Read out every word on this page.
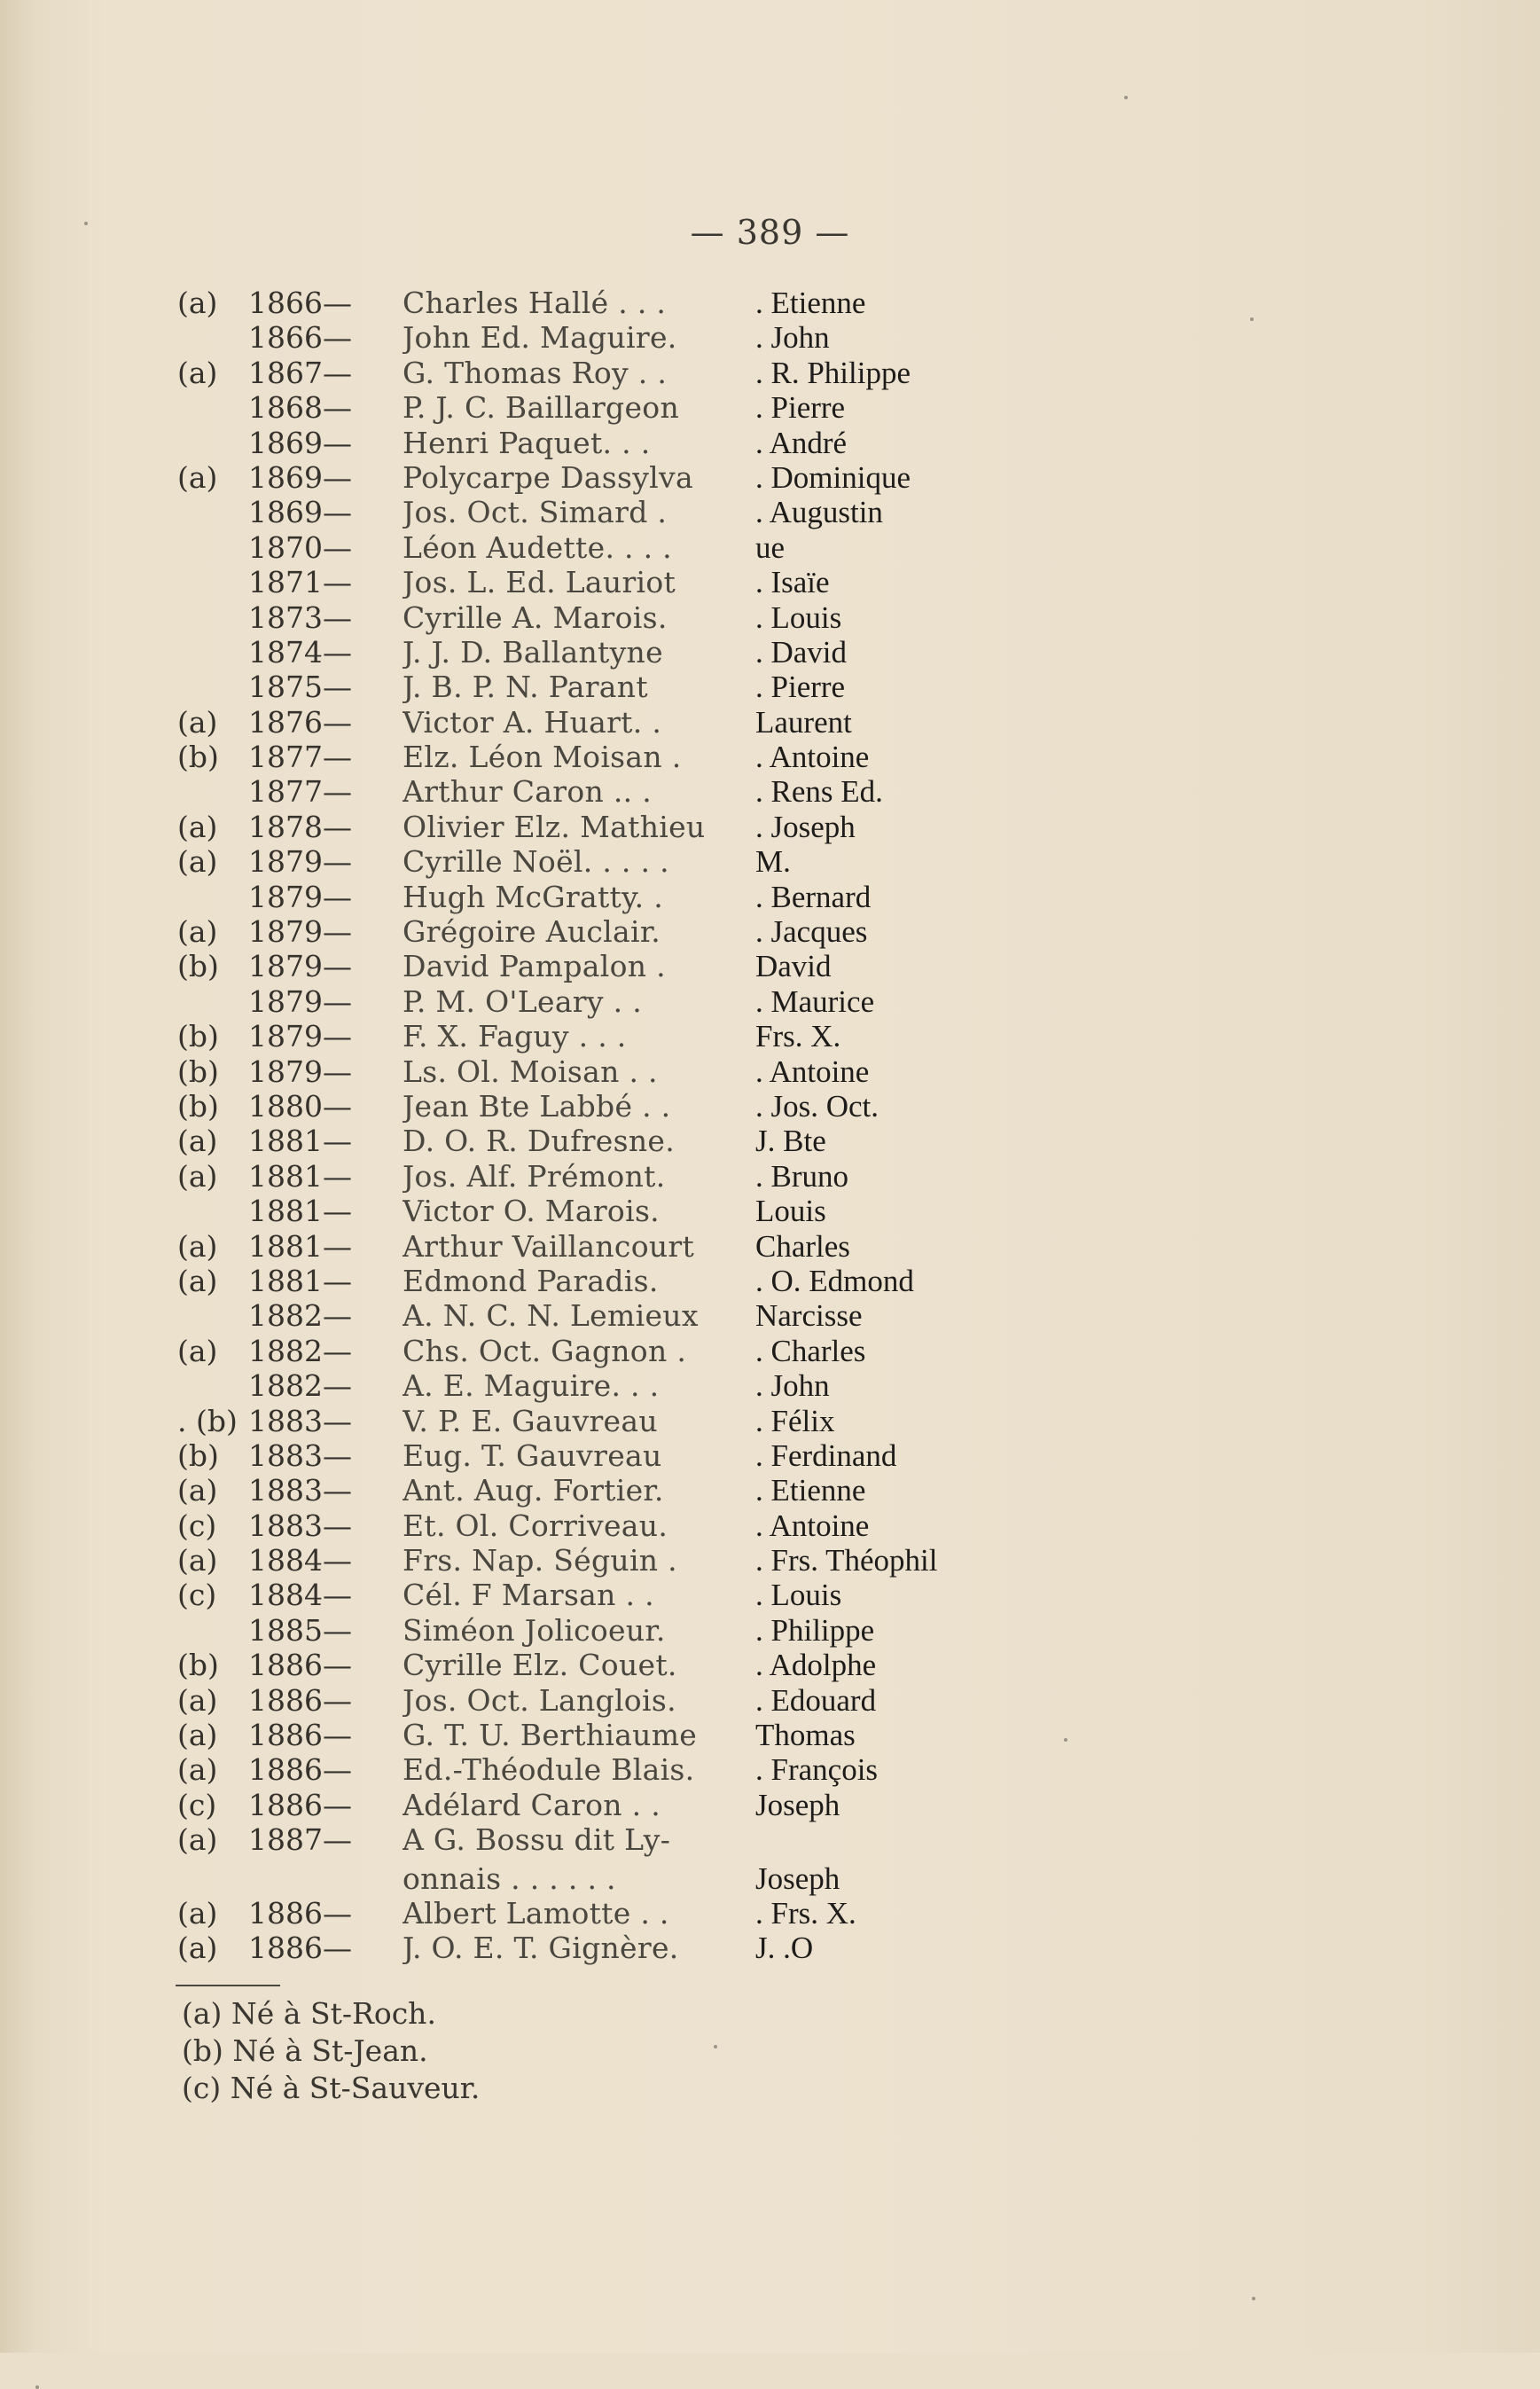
— 389 —
(a)	1866—	Charles Hallé . . .	. Etienne
1866—	John Ed. Maguire.	. John
(a)	1867—	G. Thomas Roy . .	. R. Philippe
1868—	P. J. C. Baillargeon	. Pierre
1869—	Henri Paquet. . .	. André
(a)	1869—	Polycarpe Dassylva	. Dominique
1869—	Jos. Oct. Simard .	. Augustin
1870—	Léon Audette. . . .	ue
1871—	Jos. L. Ed. Lauriot	. Isaïe
1873—	Cyrille A. Marois.	. Louis
1874—	J. J. D. Ballantyne	. David
1875—	J. B. P. N. Parant	. Pierre
(a)	1876—	Victor A. Huart. .	Laurent
(b)	1877—	Elz. Léon Moisan .	. Antoine
1877—	Arthur Caron .. .	. Rens Ed.
(a)	1878—	Olivier Elz. Mathieu	. Joseph
(a)	1879—	Cyrille Noël. . . . .	M.
1879—	Hugh McGratty. .	. Bernard
(a)	1879—	Grégoire Auclair.	. Jacques
(b)	1879—	David Pampalon .	David
1879—	P. M. O'Leary . .	. Maurice
(b)	1879—	F. X. Faguy . . .	Frs. X.
(b)	1879—	Ls. Ol. Moisan . .	. Antoine
(b)	1880—	Jean Bte Labbé . .	. Jos. Oct.
(a)	1881—	D. O. R. Dufresne.	J. Bte
(a)	1881—	Jos. Alf. Prémont.	. Bruno
1881—	Victor O. Marois.	Louis
(a)	1881—	Arthur Vaillancourt	Charles
(a)	1881—	Edmond Paradis.	. O. Edmond
1882—	A. N. C. N. Lemieux	Narcisse
(a)	1882—	Chs. Oct. Gagnon .	. Charles
1882—	A. E. Maguire. . .	. John
. (b) 1883—	V. P. E. Gauvreau	. Félix
(b)	1883—	Eug. T. Gauvreau	. Ferdinand
(a)	1883—	Ant. Aug. Fortier.	. Etienne
(c)	1883—	Et. Ol. Corriveau.	. Antoine
(a)	1884—	Frs. Nap. Séguin .	. Frs. Théophil
(c)	1884—	Cél. F Marsan . .	. Louis
1885—	Siméon Jolicoeur.	. Philippe
(b)	1886—	Cyrille Elz. Couet.	. Adolphe
(a)	1886—	Jos. Oct. Langlois.	. Edouard
(a)	1886—	G. T. U. Berthiaume	Thomas
(a)	1886—	Ed.-Théodule Blais.	. François
(c)	1886—	Adélard Caron . .	Joseph
(a)	1887—	A G. Bossu dit Ly-
onnais . . . . . .	Joseph
(a)	1886—	Albert Lamotte . .	. Frs. X.
(a)	1886—	J. O. E. T. Gignère.	J. .O
(a) Né à St-Roch.
(b) Né à St-Jean.
(c) Né à St-Sauveur.
